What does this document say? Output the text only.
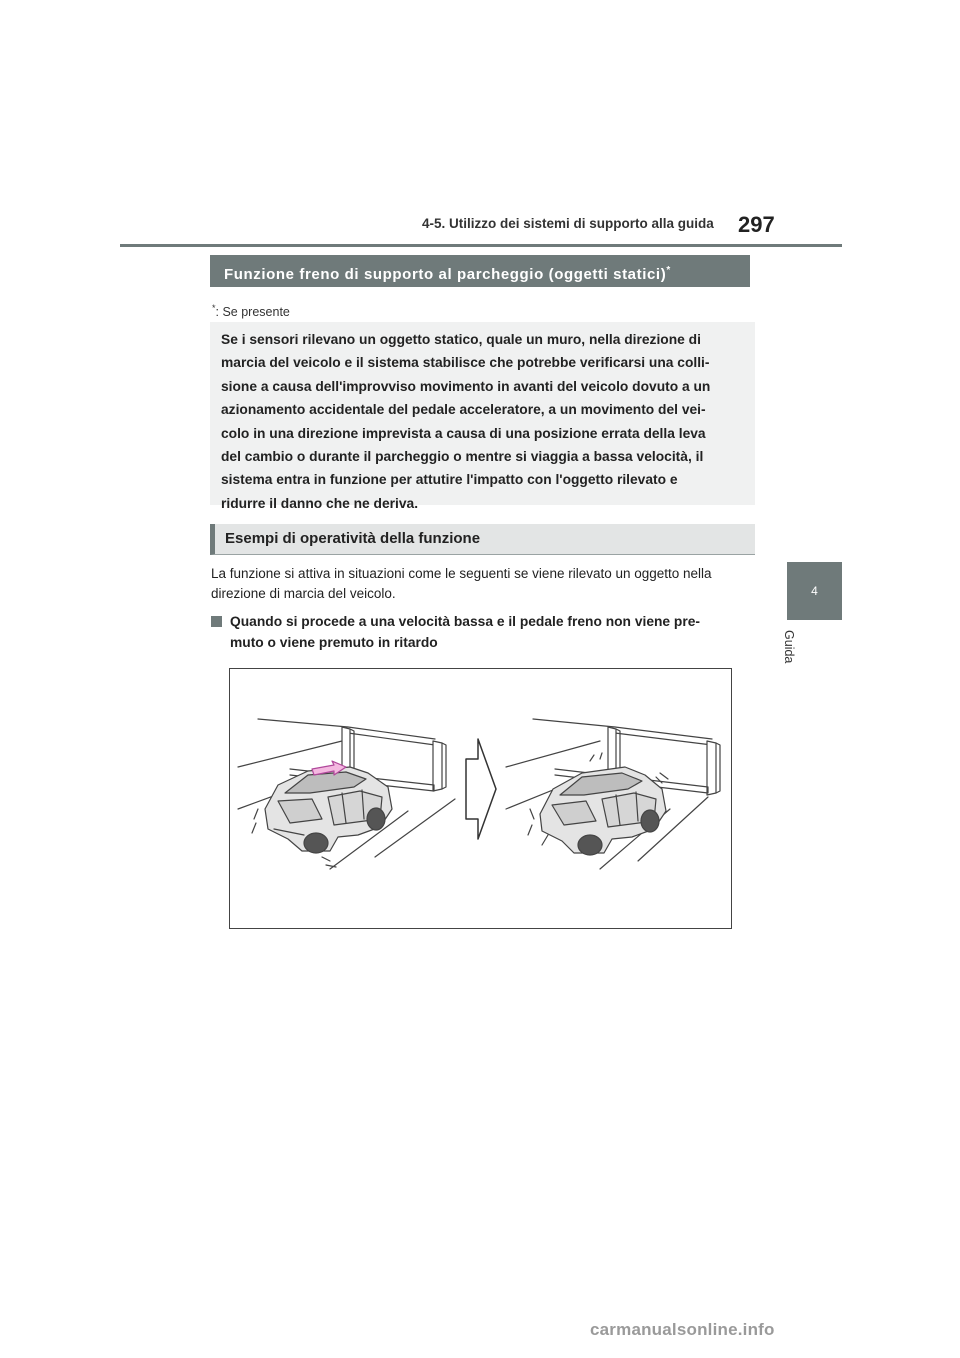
4-5. Utilizzo dei sistemi di supporto alla guida 297
4
Guida
Funzione freno di supporto al parcheggio (oggetti statici)*
*: Se presente

Se i sensori rilevano un oggetto statico, quale un muro, nella direzione di

marcia del veicolo e il sistema stabilisce che potrebbe verificarsi una colli-

sione a causa dell'improvviso movimento in avanti del veicolo dovuto a un

azionamento accidentale del pedale acceleratore, a un movimento del vei-

colo in una direzione imprevista a causa di una posizione errata della leva

del cambio o durante il parcheggio o mentre si viaggia a bassa velocità, il

sistema entra in funzione per attutire l'impatto con l'oggetto rilevato e

ridurre il danno che ne deriva.

Esempi di operatività della funzione

La funzione si attiva in situazioni come le seguenti se viene rilevato un oggetto nella

direzione di marcia del veicolo.

Quando si procede a una velocità bassa e il pedale freno non viene pre-
muto o viene premuto in ritardo
carmanualsonline.info
